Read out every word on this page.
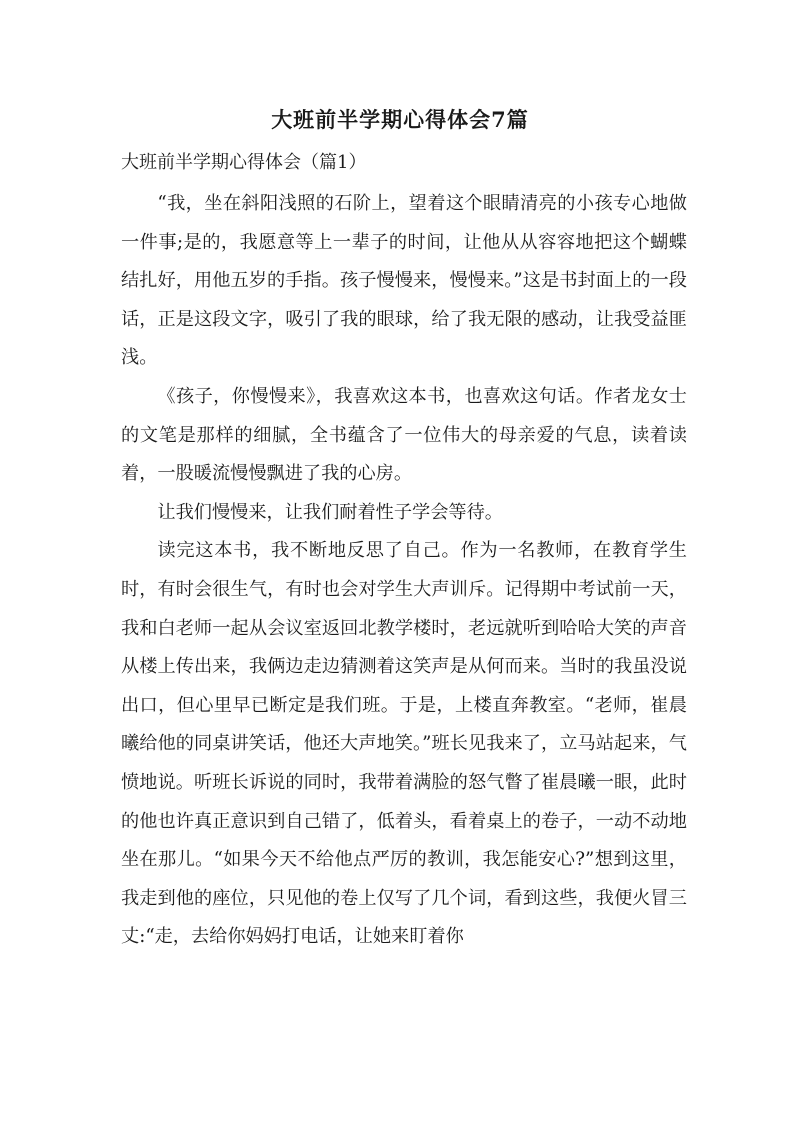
大班前半学期心得体会7篇
大班前半学期心得体会（篇1）

“我，坐在斜阳浅照的石阶上，望着这个眼睛清亮的小孩专心地做一件事;是的，我愿意等上一辈子的时间，让他从从容容地把这个蝴蝶结扎好，用他五岁的手指。孩子慢慢来，慢慢来。”这是书封面上的一段话，正是这段文字，吸引了我的眼球，给了我无限的感动，让我受益匪浅。

《孩子，你慢慢来》，我喜欢这本书，也喜欢这句话。作者龙女士的文笔是那样的细腻，全书蕴含了一位伟大的母亲爱的气息，读着读着，一股暖流慢慢飘进了我的心房。

让我们慢慢来，让我们耐着性子学会等待。

读完这本书，我不断地反思了自己。作为一名教师，在教育学生时，有时会很生气，有时也会对学生大声训斥。记得期中考试前一天，我和白老师一起从会议室返回北教学楼时，老远就听到哈哈大笑的声音从楼上传出来，我俩边走边猜测着这笑声是从何而来。当时的我虽没说出口，但心里早已断定是我们班。于是，上楼直奔教室。“老师，崔晨曦给他的同桌讲笑话，他还大声地笑。”班长见我来了，立马站起来，气愤地说。听班长诉说的同时，我带着满脸的怒气瞥了崔晨曦一眼，此时的他也许真正意识到自己错了，低着头，看着桌上的卷子，一动不动地坐在那儿。“如果今天不给他点严厉的教训，我怎能安心?”想到这里，我走到他的座位，只见他的卷上仅写了几个词，看到这些，我便火冒三丈:“走，去给你妈妈打电话，让她来盯着你
